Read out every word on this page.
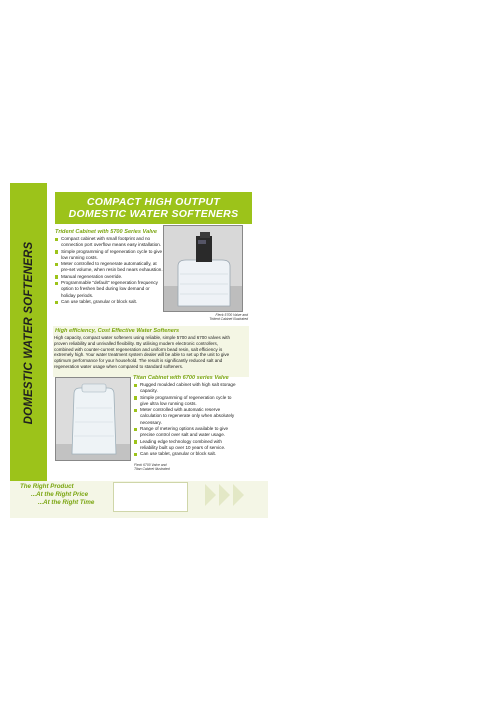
DOMESTIC WATER SOFTENERS
COMPACT HIGH OUTPUT
DOMESTIC WATER SOFTENERS
Trident Cabinet with 5700 Series Valve
Compact cabinet with small footprint and no
connection port overflow means easy installation.
Simple programming of regeneration cycle to give
low running costs.
Meter controlled to regenerate automatically, at
pre-set volume, when resin bed nears exhaustion.
Manual regeneration override.
Programmable "default" regeneration frequency
option to freshen bed during low demand or
holiday periods.
Can use tablet, granular or block salt.
Fleck 5700 Valve and
Trident Cabinet Illustrated
High efficiency, Cost Effective Water Softeners
High capacity, compact water softeners using reliable, simple 5700 and 6700 valves with
proven reliability and unrivalled flexibility. By utilising modern electronic controllers,
combined with counter-current regeneration and uniform bead resin, salt efficiency is
extremely high. Your water treatment system dealer will be able to set up the unit to give
optimum performance for your household. The result is significantly reduced salt and
regeneration water usage when compared to standard softeners.
Titan Cabinet with 6700 series Valve
Rugged moulded cabinet with high salt storage
capacity.
Simple programming of regeneration cycle to
give ultra low running costs.
Meter controlled with automatic reserve
calculation to regenerate only when absolutely
necessary.
Range of metering options available to give
precise control over salt and water usage.
Leading edge technology combined with
reliability built up over 10 years of service.
Can use tablet, granular or block salt.
Fleck 6700 Valve and
Titan Cabinet illustrated
The Right Product
...At the Right Price
...At the Right Time
